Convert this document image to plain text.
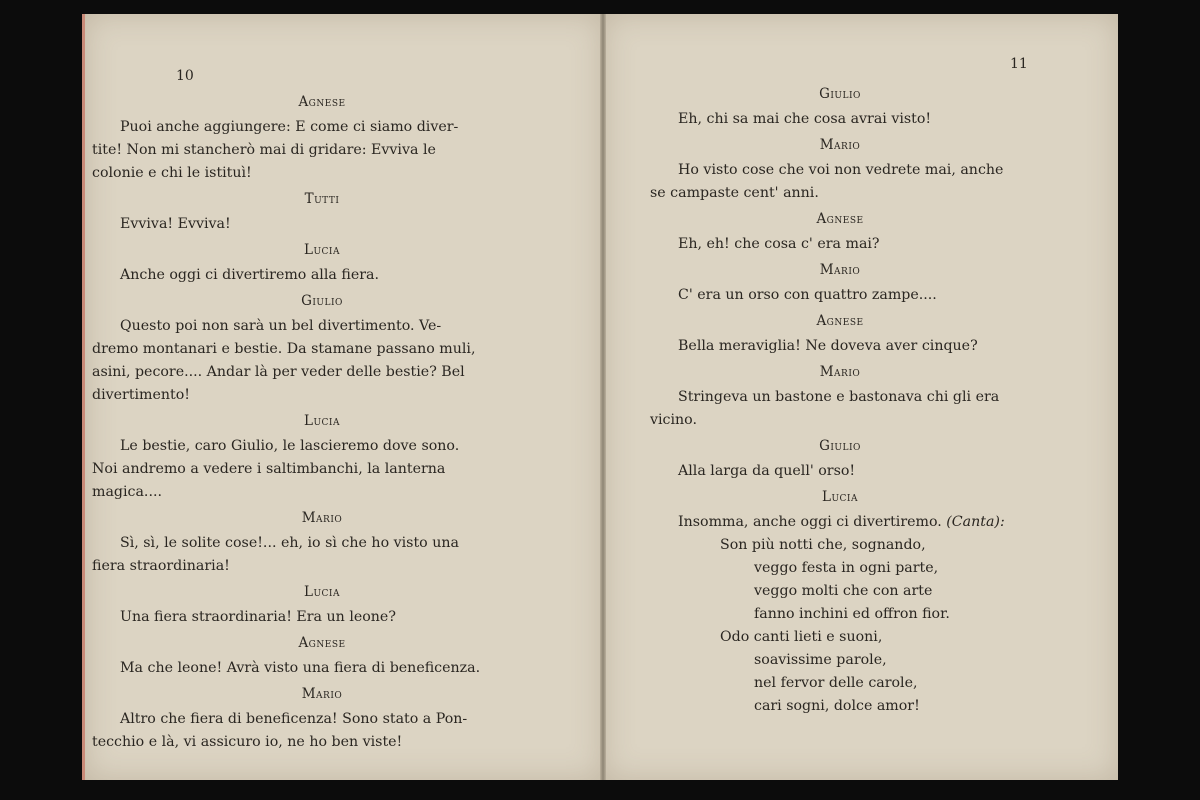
10
11
Agnese
Puoi anche aggiungere: E come ci siamo diver-
tite! Non mi stancherò mai di gridare: Evviva le
colonie e chi le istituì!
Tutti
Evviva! Evviva!
Lucia
Anche oggi ci divertiremo alla fiera.
Giulio
Questo poi non sarà un bel divertimento. Ve-
dremo montanari e bestie. Da stamane passano muli,
asini, pecore.... Andar là per veder delle bestie? Bel
divertimento!
Lucia
Le bestie, caro Giulio, le lascieremo dove sono.
Noi andremo a vedere i saltimbanchi, la lanterna
magica....
Mario
Sì, sì, le solite cose!... eh, io sì che ho visto una
fiera straordinaria!
Lucia
Una fiera straordinaria! Era un leone?
Agnese
Ma che leone! Avrà visto una fiera di beneficenza.
Mario
Altro che fiera di beneficenza! Sono stato a Pon-
tecchio e là, vi assicuro io, ne ho ben viste!
Giulio
Eh, chi sa mai che cosa avrai visto!
Mario
Ho visto cose che voi non vedrete mai, anche
se campaste cent' anni.
Agnese
Eh, eh! che cosa c' era mai?
Mario
C' era un orso con quattro zampe....
Agnese
Bella meraviglia! Ne doveva aver cinque?
Mario
Stringeva un bastone e bastonava chi gli era
vicino.
Giulio
Alla larga da quell' orso!
Lucia
Insomma, anche oggi ci divertiremo. (Canta):
Son più notti che, sognando,
veggo festa in ogni parte,
veggo molti che con arte
fanno inchini ed offron fior.
Odo canti lieti e suoni,
soavissime parole,
nel fervor delle carole,
cari sogni, dolce amor!
